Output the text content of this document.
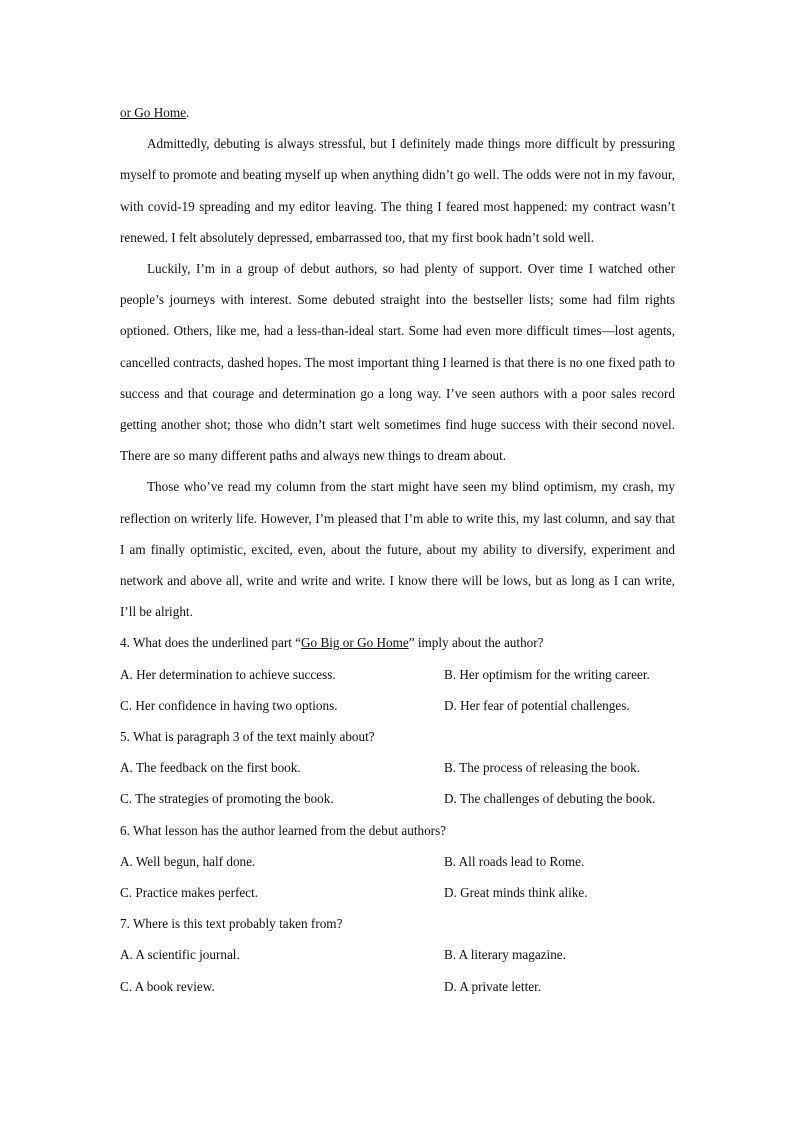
or Go Home.

Admittedly, debuting is always stressful, but I definitely made things more difficult by pressuring myself to promote and beating myself up when anything didn’t go well. The odds were not in my favour, with covid-19 spreading and my editor leaving. The thing I feared most happened: my contract wasn’t renewed. I felt absolutely depressed, embarrassed too, that my first book hadn’t sold well.

Luckily, I’m in a group of debut authors, so had plenty of support. Over time I watched other people’s journeys with interest. Some debuted straight into the bestseller lists; some had film rights optioned. Others, like me, had a less-than-ideal start. Some had even more difficult times—lost agents, cancelled contracts, dashed hopes. The most important thing I learned is that there is no one fixed path to success and that courage and determination go a long way. I’ve seen authors with a poor sales record getting another shot; those who didn’t start welt sometimes find huge success with their second novel. There are so many different paths and always new things to dream about.

Those who’ve read my column from the start might have seen my blind optimism, my crash, my reflection on writerly life. However, I’m pleased that I’m able to write this, my last column, and say that I am finally optimistic, excited, even, about the future, about my ability to diversify, experiment and network and above all, write and write and write. I know there will be lows, but as long as I can write, I’ll be alright.

4. What does the underlined part “Go Big or Go Home” imply about the author?

A. Her determination to achieve success.	B. Her optimism for the writing career.
C. Her confidence in having two options.	D. Her fear of potential challenges.

5. What is paragraph 3 of the text mainly about?

A. The feedback on the first book.	B. The process of releasing the book.
C. The strategies of promoting the book.	D. The challenges of debuting the book.

6. What lesson has the author learned from the debut authors?

A. Well begun, half done.	B. All roads lead to Rome.
C. Practice makes perfect.	D. Great minds think alike.

7. Where is this text probably taken from?

A. A scientific journal.	B. A literary magazine.
C. A book review.	D. A private letter.
